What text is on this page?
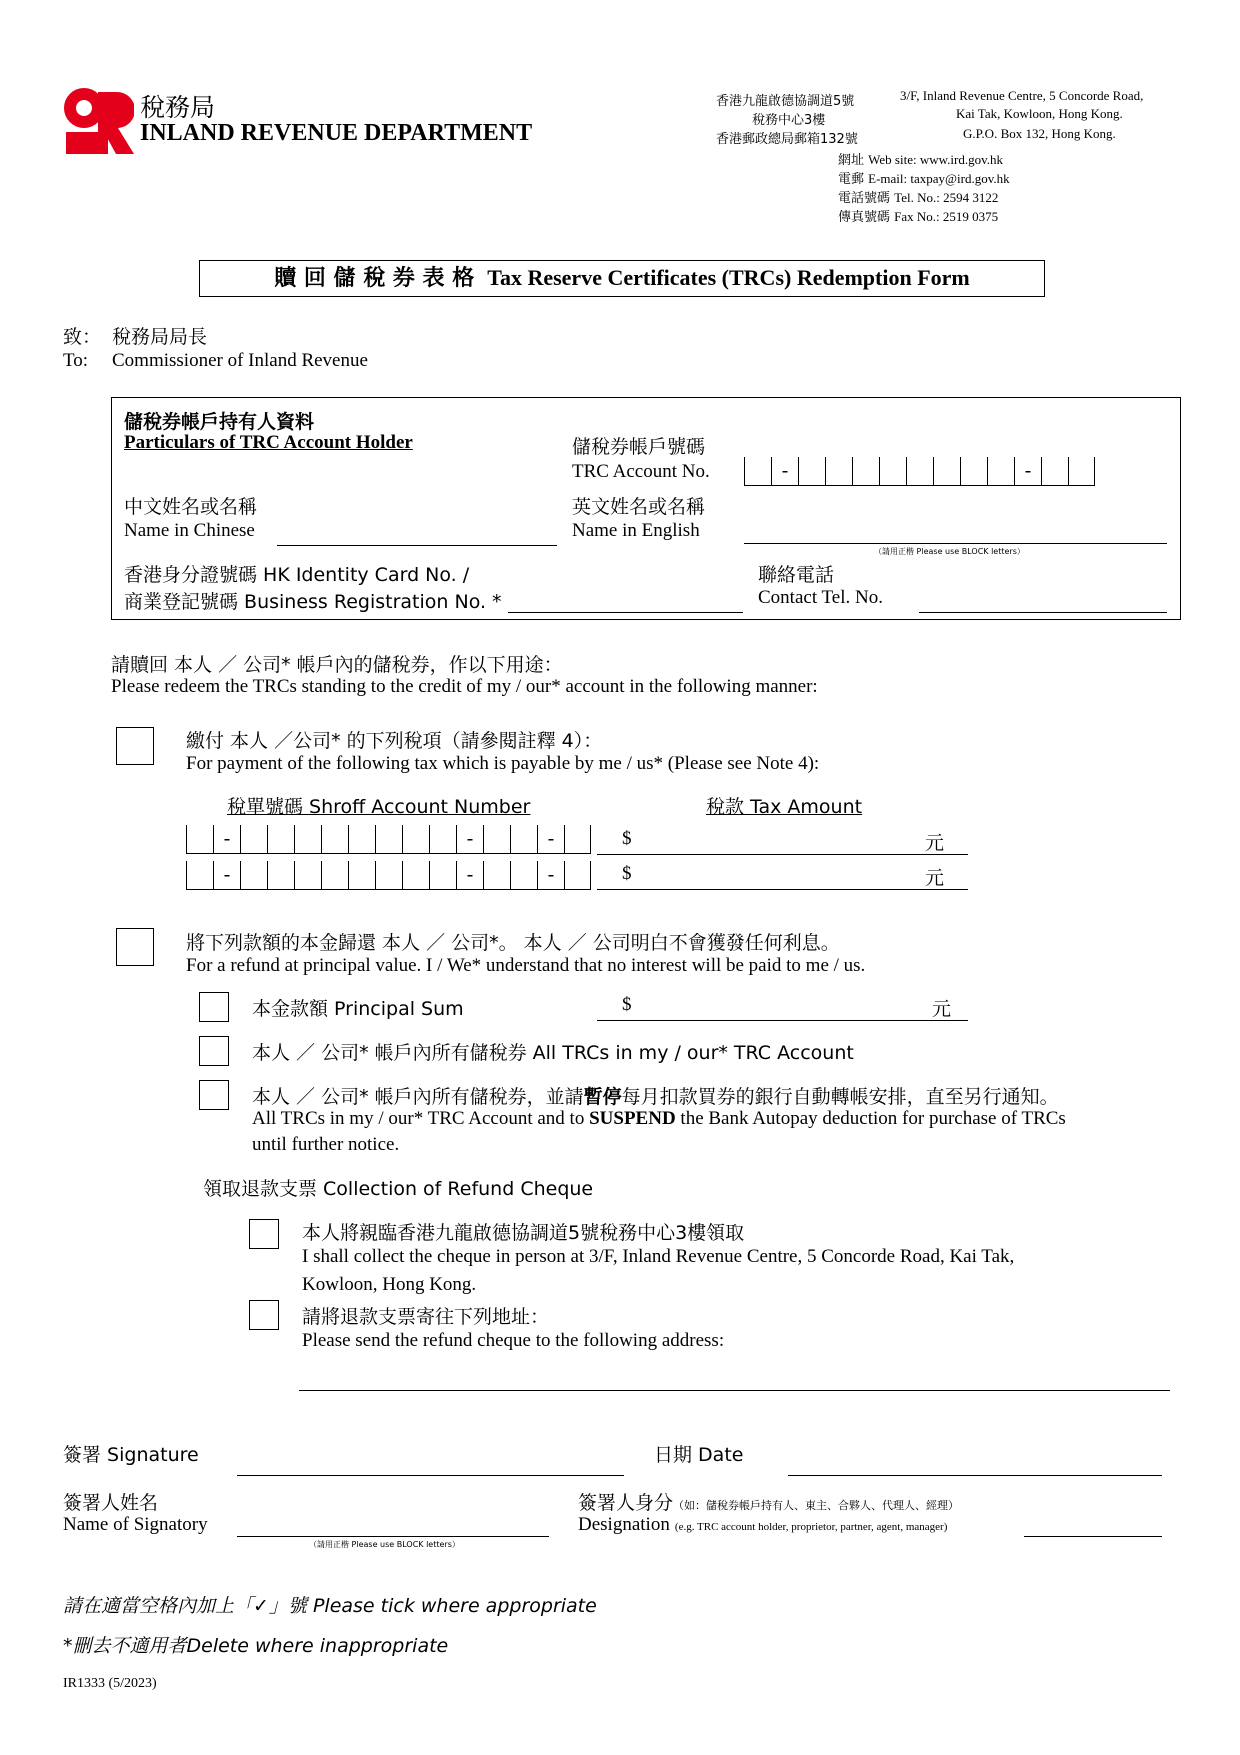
稅務局
INLAND REVENUE DEPARTMENT
香港九龍啟德協調道5號
稅務中心3樓
香港郵政總局郵箱132號
3/F, Inland Revenue Centre, 5 Concorde Road,
Kai Tak, Kowloon, Hong Kong.
G.P.O. Box 132, Hong Kong.
網址 Web site: www.ird.gov.hk
電郵 E-mail: taxpay@ird.gov.hk
電話號碼 Tel. No.: 2594 3122
傳真號碼 Fax No.: 2519 0375
贖 回 儲 稅 券 表 格 Tax Reserve Certificates (TRCs) Redemption Form
致： 稅務局局長
To: Commissioner of Inland Revenue
儲稅券帳戶持有人資料
Particulars of TRC Account Holder	儲稅券帳戶號碼
TRC Account No.	-	-
中文姓名或名稱
Name in Chinese
英文姓名或名稱
Name in English
（請用正楷 Please use BLOCK letters）
香港身分證號碼 HK Identity Card No. /
商業登記號碼 Business Registration No. *
聯絡電話
Contact Tel. No.
請贖回 本人 ／ 公司* 帳戶內的儲稅券，作以下用途：
Please redeem the TRCs standing to the credit of my / our* account in the following manner:
繳付 本人 ／公司* 的下列稅項（請參閱註釋 4）：
For payment of the following tax which is payable by me / us* (Please see Note 4):
稅單號碼 Shroff Account Number	稅款 Tax Amount
-	-	-	$	元
-	-	-	$	元
將下列款額的本金歸還 本人 ／ 公司*。 本人 ／ 公司明白不會獲發任何利息。
For a refund at principal value. I / We* understand that no interest will be paid to me / us.
本金款額 Principal Sum	$	元
本人 ／ 公司* 帳戶內所有儲稅券 All TRCs in my / our* TRC Account
本人 ／ 公司* 帳戶內所有儲稅券，並請暫停每月扣款買券的銀行自動轉帳安排，直至另行通知。
All TRCs in my / our* TRC Account and to SUSPEND the Bank Autopay deduction for purchase of TRCs
until further notice.
領取退款支票 Collection of Refund Cheque
本人將親臨香港九龍啟德協調道5號稅務中心3樓領取
I shall collect the cheque in person at 3/F, Inland Revenue Centre, 5 Concorde Road, Kai Tak,
Kowloon, Hong Kong.
請將退款支票寄往下列地址：
Please send the refund cheque to the following address:
簽署 Signature	日期 Date
簽署人姓名
Name of Signatory
（請用正楷 Please use BLOCK letters）
簽署人身分（如：儲稅券帳戶持有人、東主、合夥人、代理人、經理）
Designation (e.g. TRC account holder, proprietor, partner, agent, manager)
請在適當空格內加上「✓」號 Please tick where appropriate
*刪去不適用者Delete where inappropriate
IR1333 (5/2023)
